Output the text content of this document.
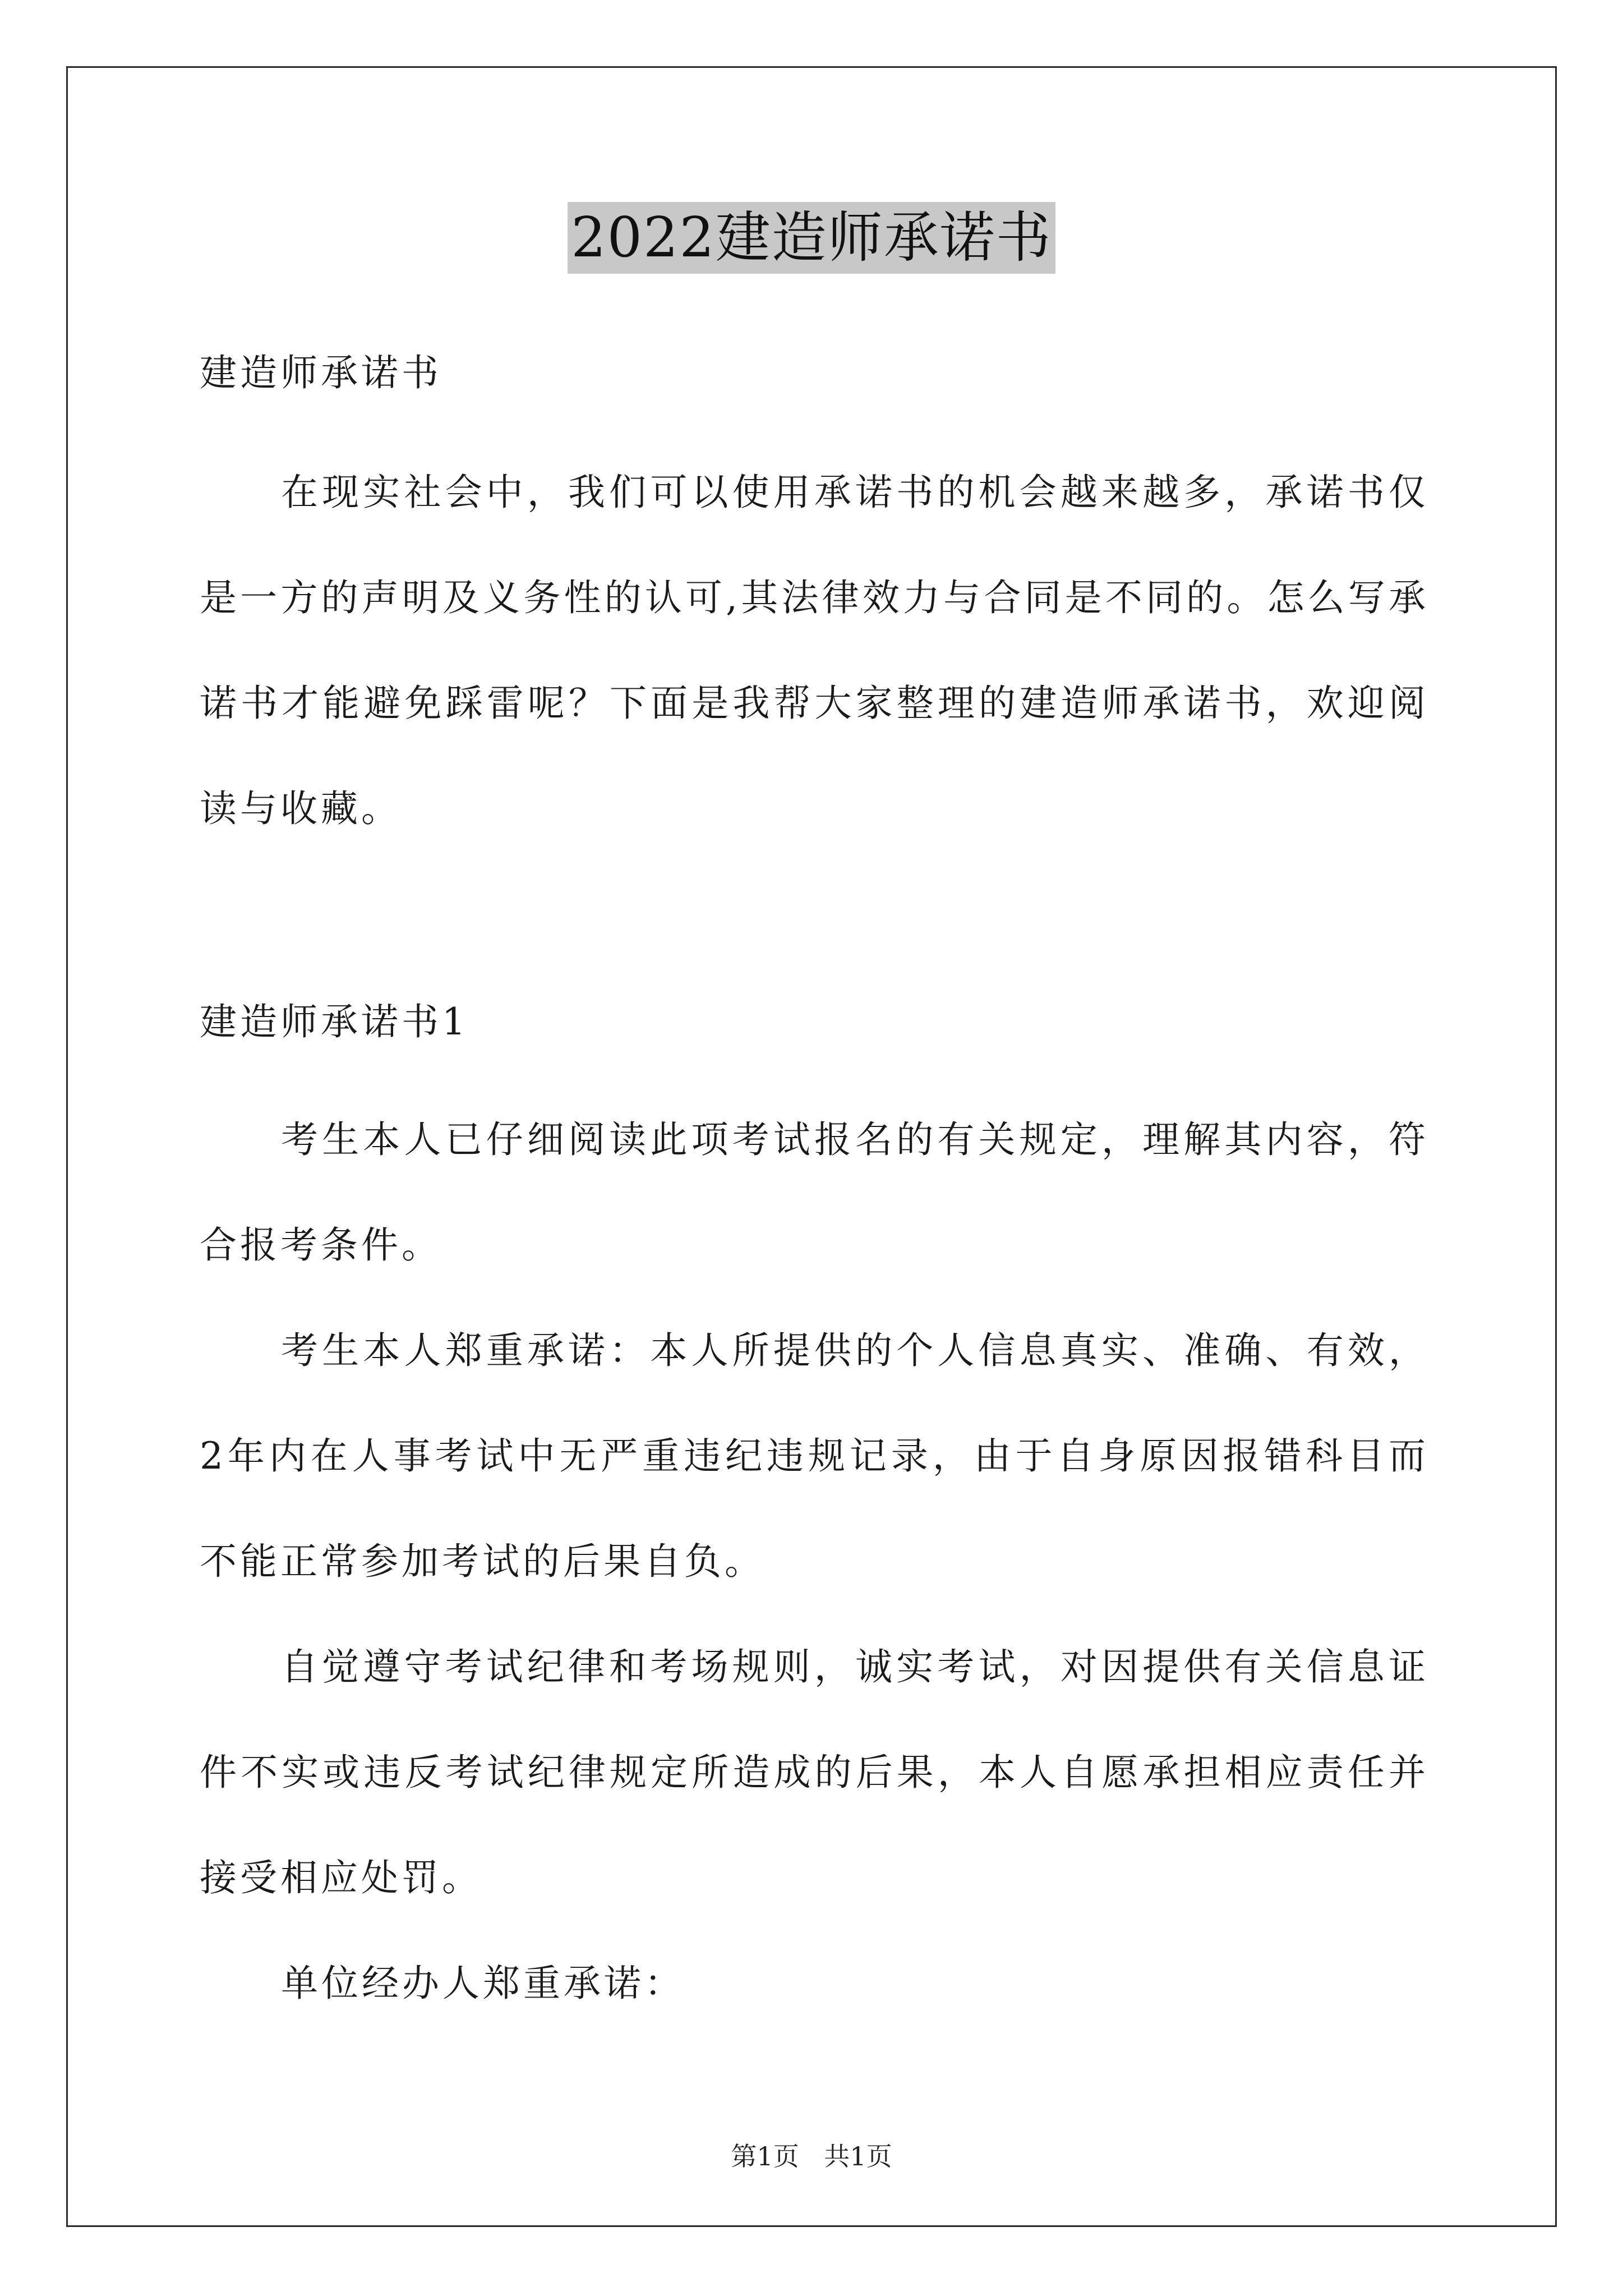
2022建造师承诺书
建造师承诺书

在现实社会中，我们可以使用承诺书的机会越来越多，承诺书仅是一方的声明及义务性的认可,其法律效力与合同是不同的。怎么写承诺书才能避免踩雷呢？下面是我帮大家整理的建造师承诺书，欢迎阅读与收藏。

建造师承诺书1

考生本人已仔细阅读此项考试报名的有关规定，理解其内容，符合报考条件。

考生本人郑重承诺：本人所提供的个人信息真实、准确、有效，2年内在人事考试中无严重违纪违规记录，由于自身原因报错科目而不能正常参加考试的后果自负。

自觉遵守考试纪律和考场规则，诚实考试，对因提供有关信息证件不实或违反考试纪律规定所造成的后果，本人自愿承担相应责任并接受相应处罚。

单位经办人郑重承诺：

第1页 共1页
